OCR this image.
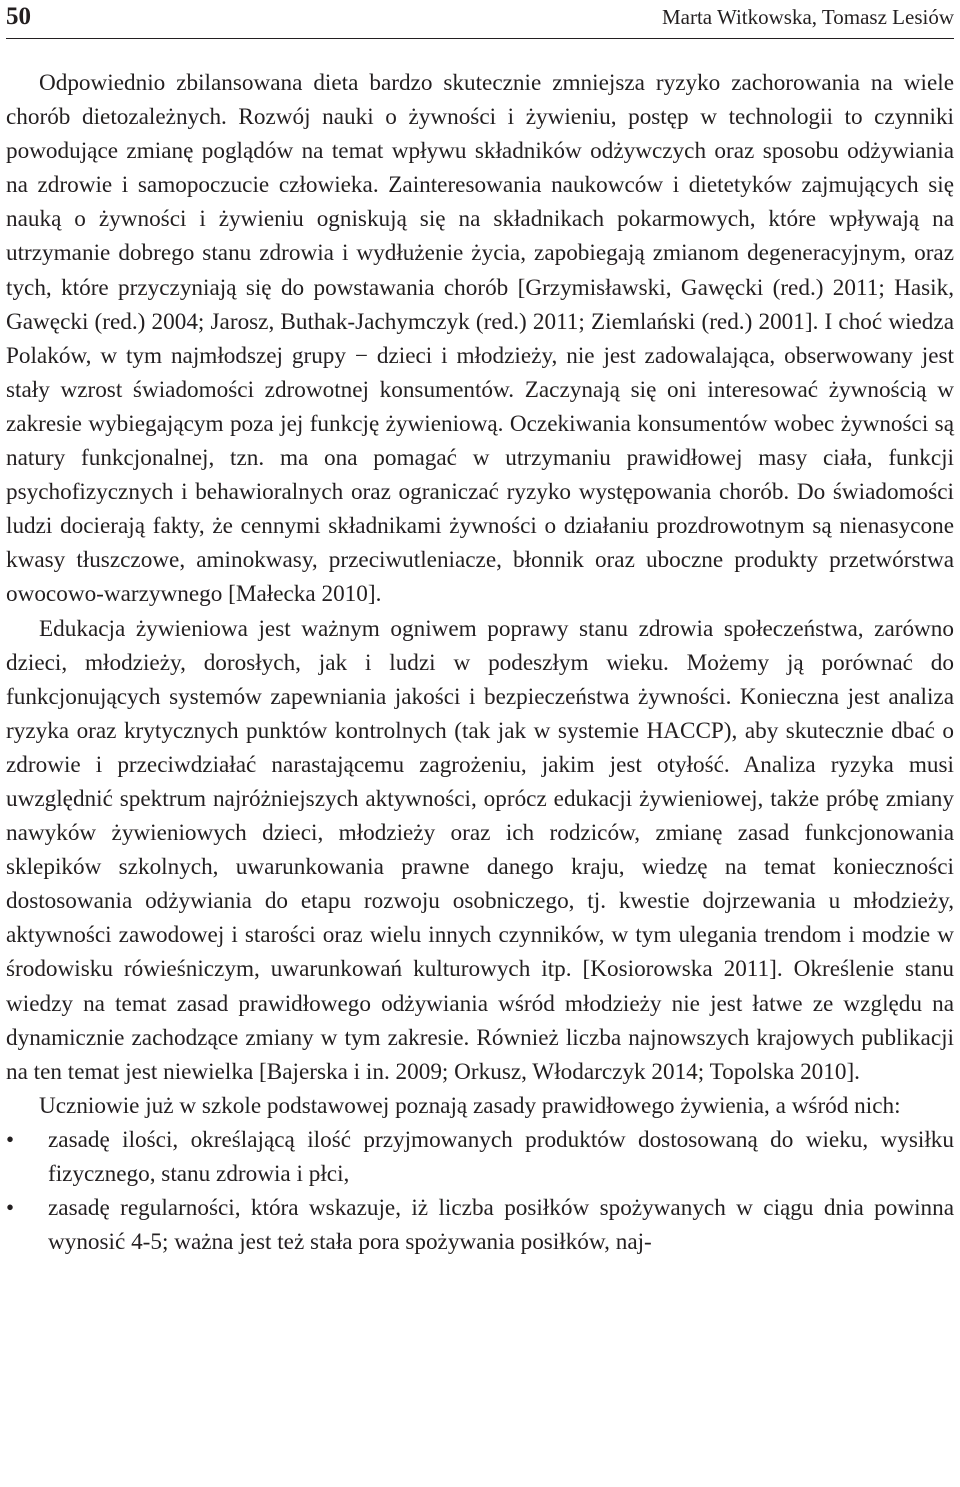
50	Marta Witkowska, Tomasz Lesiów

Odpowiednio zbilansowana dieta bardzo skutecznie zmniejsza ryzyko zachorowania na wiele chorób dietozależnych. Rozwój nauki o żywności i żywieniu, postęp w technologii to czynniki powodujące zmianę poglądów na temat wpływu składników odżywczych oraz sposobu odżywiania na zdrowie i samopoczucie człowieka. Zainteresowania naukowców i dietetyków zajmujących się nauką o żywności i żywieniu ogniskują się na składnikach pokarmowych, które wpływają na utrzymanie dobrego stanu zdrowia i wydłużenie życia, zapobiegają zmianom degeneracyjnym, oraz tych, które przyczyniają się do powstawania chorób [Grzymisławski, Gawęcki (red.) 2011; Hasik, Gawęcki (red.) 2004; Jarosz, Buthak-Jachymczyk (red.) 2011; Ziemlański (red.) 2001]. I choć wiedza Polaków, w tym najmłodszej grupy − dzieci i młodzieży, nie jest zadowalająca, obserwowany jest stały wzrost świadomości zdrowotnej konsumentów. Zaczynają się oni interesować żywnością w zakresie wybiegającym poza jej funkcję żywieniową. Oczekiwania konsumentów wobec żywności są natury funkcjonalnej, tzn. ma ona pomagać w utrzymaniu prawidłowej masy ciała, funkcji psychofizycznych i behawioralnych oraz ograniczać ryzyko występowania chorób. Do świadomości ludzi docierają fakty, że cennymi składnikami żywności o działaniu prozdrowotnym są nienasycone kwasy tłuszczowe, aminokwasy, przeciwutleniacze, błonnik oraz uboczne produkty przetwórstwa owocowo-warzywnego [Małecka 2010].

Edukacja żywieniowa jest ważnym ogniwem poprawy stanu zdrowia społeczeństwa, zarówno dzieci, młodzieży, dorosłych, jak i ludzi w podeszłym wieku. Możemy ją porównać do funkcjonujących systemów zapewniania jakości i bezpieczeństwa żywności. Konieczna jest analiza ryzyka oraz krytycznych punktów kontrolnych (tak jak w systemie HACCP), aby skutecznie dbać o zdrowie i przeciwdziałać narastającemu zagrożeniu, jakim jest otyłość. Analiza ryzyka musi uwzględnić spektrum najróżniejszych aktywności, oprócz edukacji żywieniowej, także próbę zmiany nawyków żywieniowych dzieci, młodzieży oraz ich rodziców, zmianę zasad funkcjonowania sklepików szkolnych, uwarunkowania prawne danego kraju, wiedzę na temat konieczności dostosowania odżywiania do etapu rozwoju osobniczego, tj. kwestie dojrzewania u młodzieży, aktywności zawodowej i starości oraz wielu innych czynników, w tym ulegania trendom i modzie w środowisku rówieśniczym, uwarunkowań kulturowych itp. [Kosiorowska 2011]. Określenie stanu wiedzy na temat zasad prawidłowego odżywiania wśród młodzieży nie jest łatwe ze względu na dynamicznie zachodzące zmiany w tym zakresie. Również liczba najnowszych krajowych publikacji na ten temat jest niewielka [Bajerska i in. 2009; Orkusz, Włodarczyk 2014; Topolska 2010].

Uczniowie już w szkole podstawowej poznają zasady prawidłowego żywienia, a wśród nich:

• zasadę ilości, określającą ilość przyjmowanych produktów dostosowaną do wieku, wysiłku fizycznego, stanu zdrowia i płci,
• zasadę regularności, która wskazuje, iż liczba posiłków spożywanych w ciągu dnia powinna wynosić 4-5; ważna jest też stała pora spożywania posiłków, naj-
